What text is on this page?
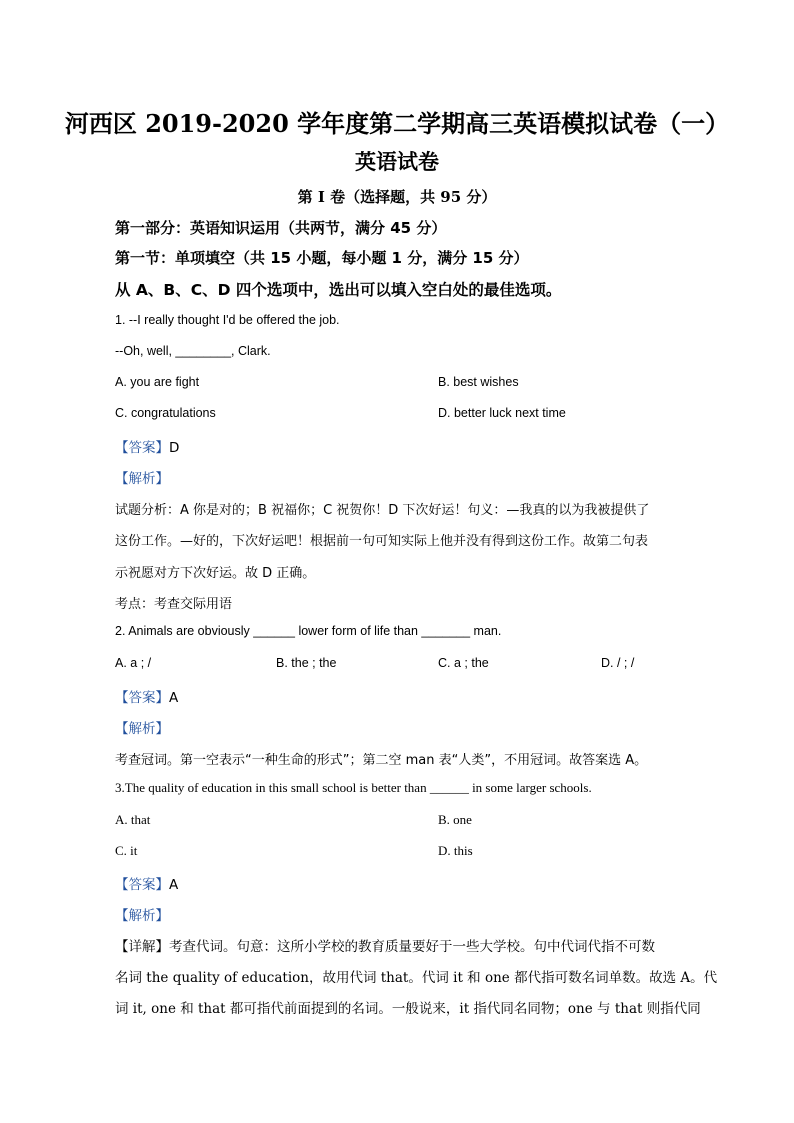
河西区 2019-2020 学年度第二学期高三英语模拟试卷（一）
英语试卷
第 I 卷（选择题，共 95 分）
第一部分：英语知识运用（共两节，满分 45 分）
第一节：单项填空（共 15 小题，每小题 1 分，满分 15 分）
从 A、B、C、D 四个选项中，选出可以填入空白处的最佳选项。
1. --I really thought I'd be offered the job.
--Oh, well, ________, Clark.
A. you are fight	B. best wishes
C. congratulations	D. better luck next time
【答案】D
【解析】
试题分析：A 你是对的；B 祝福你；C 祝贺你！D 下次好运！句义：—我真的以为我被提供了
这份工作。—好的，下次好运吧！根据前一句可知实际上他并没有得到这份工作。故第二句表
示祝愿对方下次好运。故 D 正确。
考点：考查交际用语
2. Animals are obviously ______ lower form of life than _______ man.
A. a ; /	B. the ; the	C. a ; the	D. / ; /
【答案】A
【解析】
考查冠词。第一空表示“一种生命的形式”；第二空 man 表“人类”，不用冠词。故答案选 A。
3.The quality of education in this small school is better than ______ in some larger schools.
A. that	B. one
C. it	D. this
【答案】A
【解析】
【详解】考查代词。句意：这所小学校的教育质量要好于一些大学校。句中代词代指不可数
名词 the quality of education，故用代词 that。代词 it 和 one 都代指可数名词单数。故选 A。代
词 it, one 和 that 都可指代前面提到的名词。一般说来，it 指代同名同物；one 与 that 则指代同
